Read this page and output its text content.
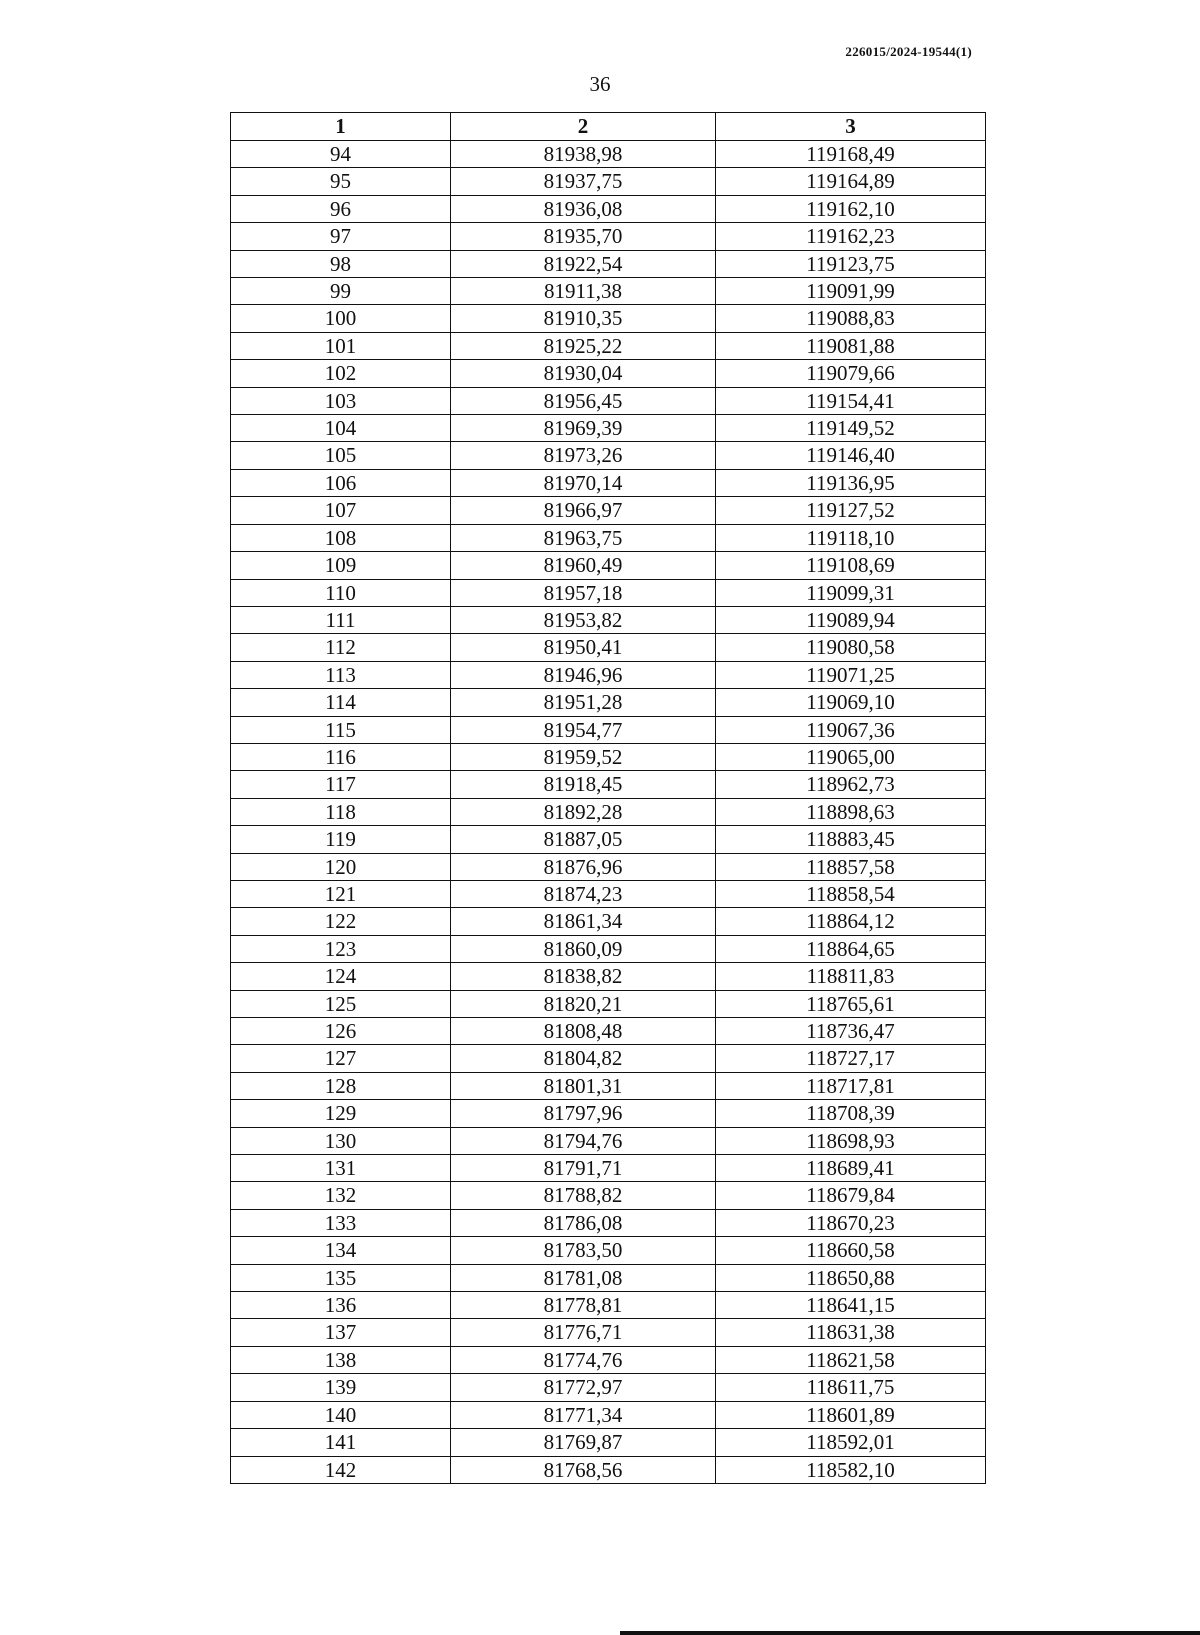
226015/2024-19544(1)
36
1	2	3
94	81938,98	119168,49
95	81937,75	119164,89
96	81936,08	119162,10
97	81935,70	119162,23
98	81922,54	119123,75
99	81911,38	119091,99
100	81910,35	119088,83
101	81925,22	119081,88
102	81930,04	119079,66
103	81956,45	119154,41
104	81969,39	119149,52
105	81973,26	119146,40
106	81970,14	119136,95
107	81966,97	119127,52
108	81963,75	119118,10
109	81960,49	119108,69
110	81957,18	119099,31
111	81953,82	119089,94
112	81950,41	119080,58
113	81946,96	119071,25
114	81951,28	119069,10
115	81954,77	119067,36
116	81959,52	119065,00
117	81918,45	118962,73
118	81892,28	118898,63
119	81887,05	118883,45
120	81876,96	118857,58
121	81874,23	118858,54
122	81861,34	118864,12
123	81860,09	118864,65
124	81838,82	118811,83
125	81820,21	118765,61
126	81808,48	118736,47
127	81804,82	118727,17
128	81801,31	118717,81
129	81797,96	118708,39
130	81794,76	118698,93
131	81791,71	118689,41
132	81788,82	118679,84
133	81786,08	118670,23
134	81783,50	118660,58
135	81781,08	118650,88
136	81778,81	118641,15
137	81776,71	118631,38
138	81774,76	118621,58
139	81772,97	118611,75
140	81771,34	118601,89
141	81769,87	118592,01
142	81768,56	118582,10
